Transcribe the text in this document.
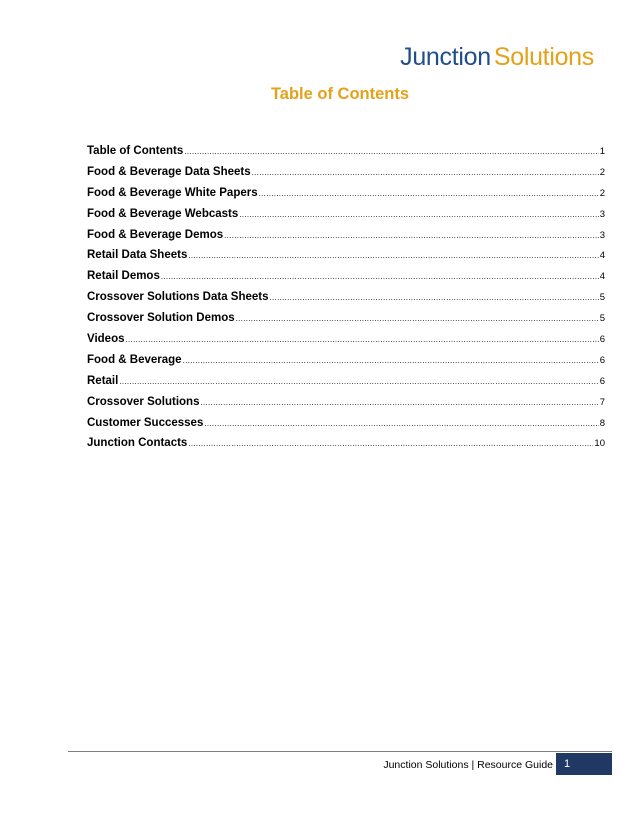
Junction Solutions
Table of Contents
Table of Contents .....	1
Food & Beverage Data Sheets .....	2
Food & Beverage White Papers .....	2
Food & Beverage Webcasts .....	3
Food & Beverage Demos .....	3
Retail Data Sheets .....	4
Retail Demos .....	4
Crossover Solutions Data Sheets .....	5
Crossover Solution Demos .....	5
Videos .....	6
Food & Beverage .....	6
Retail .....	6
Crossover Solutions .....	7
Customer Successes .....	8
Junction Contacts .....	10
Junction Solutions | Resource Guide	1
